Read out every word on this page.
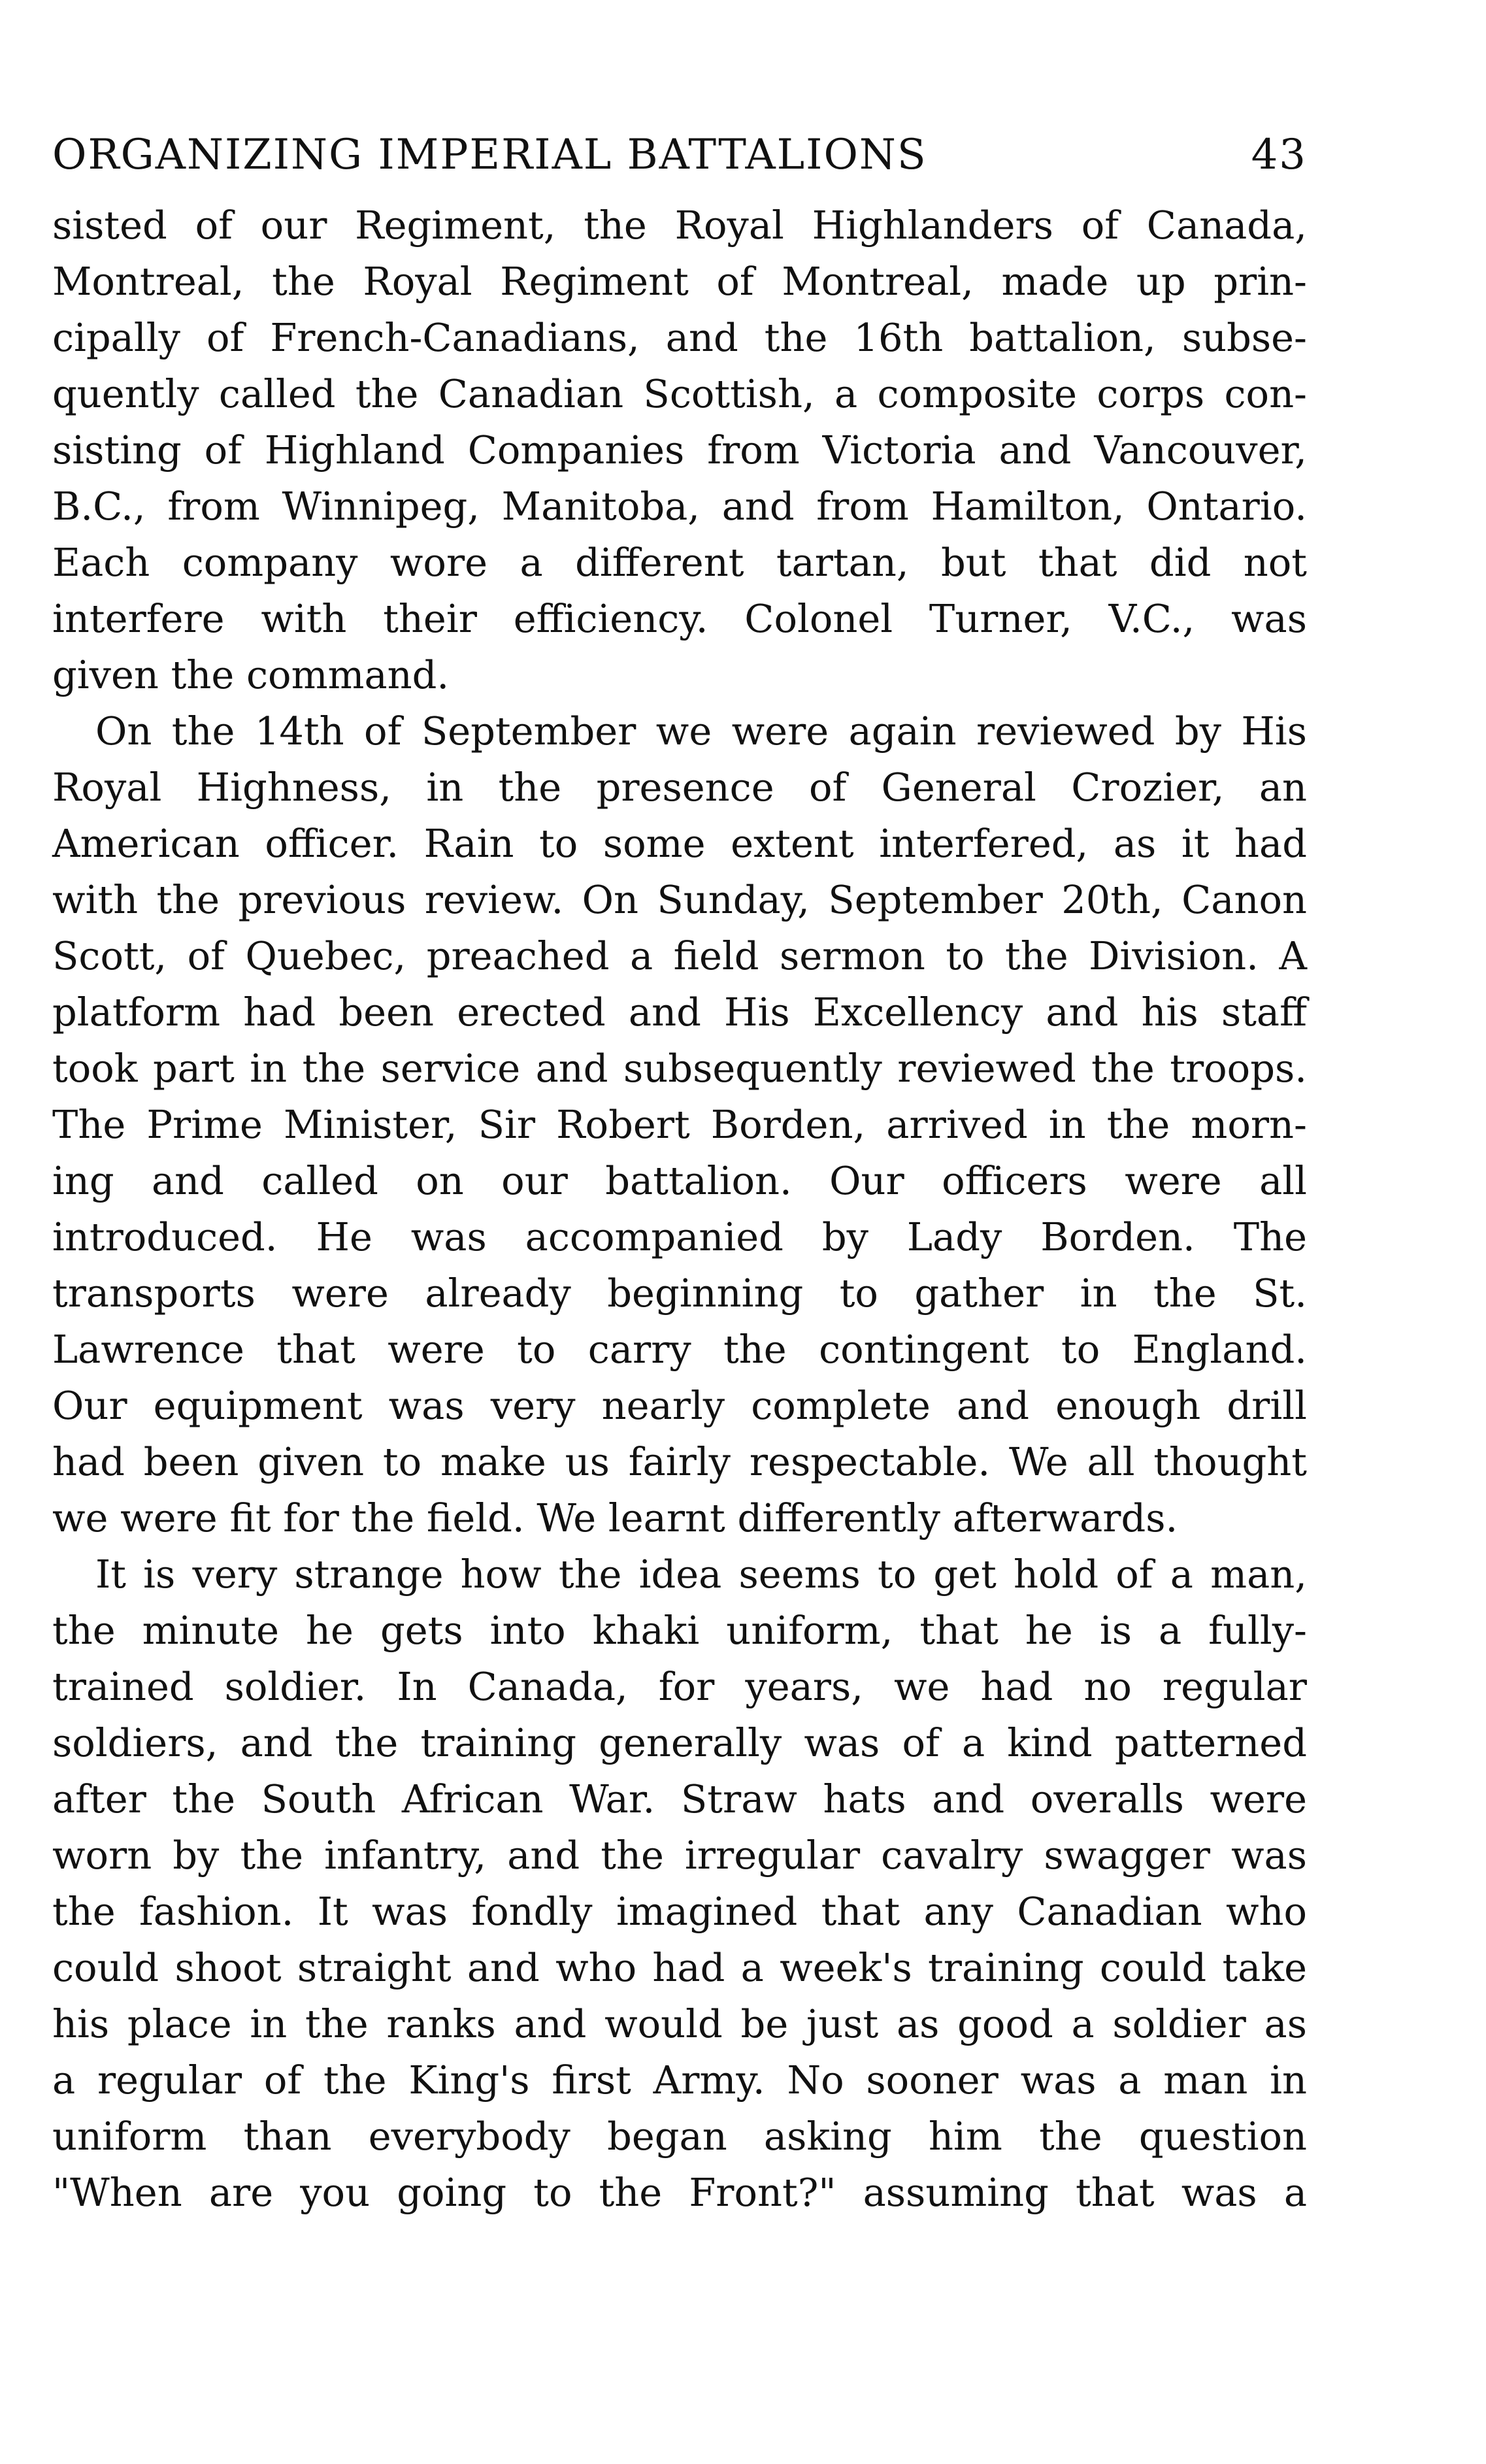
ORGANIZING IMPERIAL BATTALIONS	43

sisted of our Regiment, the Royal Highlanders of Canada,

Montreal, the Royal Regiment of Montreal, made up prin-

cipally of French-Canadians, and the 16th battalion, subse-

quently called the Canadian Scottish, a composite corps con-

sisting of Highland Companies from Victoria and Vancouver,

B.C., from Winnipeg, Manitoba, and from Hamilton, Ontario.

Each company wore a different tartan, but that did not

interfere with their efficiency. Colonel Turner, V.C., was

given the command.

On the 14th of September we were again reviewed by His

Royal Highness, in the presence of General Crozier, an

American officer. Rain to some extent interfered, as it had

with the previous review. On Sunday, September 20th, Canon

Scott, of Quebec, preached a field sermon to the Division. A

platform had been erected and His Excellency and his staff

took part in the service and subsequently reviewed the troops.

The Prime Minister, Sir Robert Borden, arrived in the morn-

ing and called on our battalion. Our officers were all

introduced. He was accompanied by Lady Borden. The

transports were already beginning to gather in the St.

Lawrence that were to carry the contingent to England.

Our equipment was very nearly complete and enough drill

had been given to make us fairly respectable. We all thought

we were fit for the field. We learnt differently afterwards.

It is very strange how the idea seems to get hold of a man,

the minute he gets into khaki uniform, that he is a fully-

trained soldier. In Canada, for years, we had no regular

soldiers, and the training generally was of a kind patterned

after the South African War. Straw hats and overalls were

worn by the infantry, and the irregular cavalry swagger was

the fashion. It was fondly imagined that any Canadian who

could shoot straight and who had a week's training could take

his place in the ranks and would be just as good a soldier as

a regular of the King's first Army. No sooner was a man in

uniform than everybody began asking him the question

"When are you going to the Front?" assuming that was a
